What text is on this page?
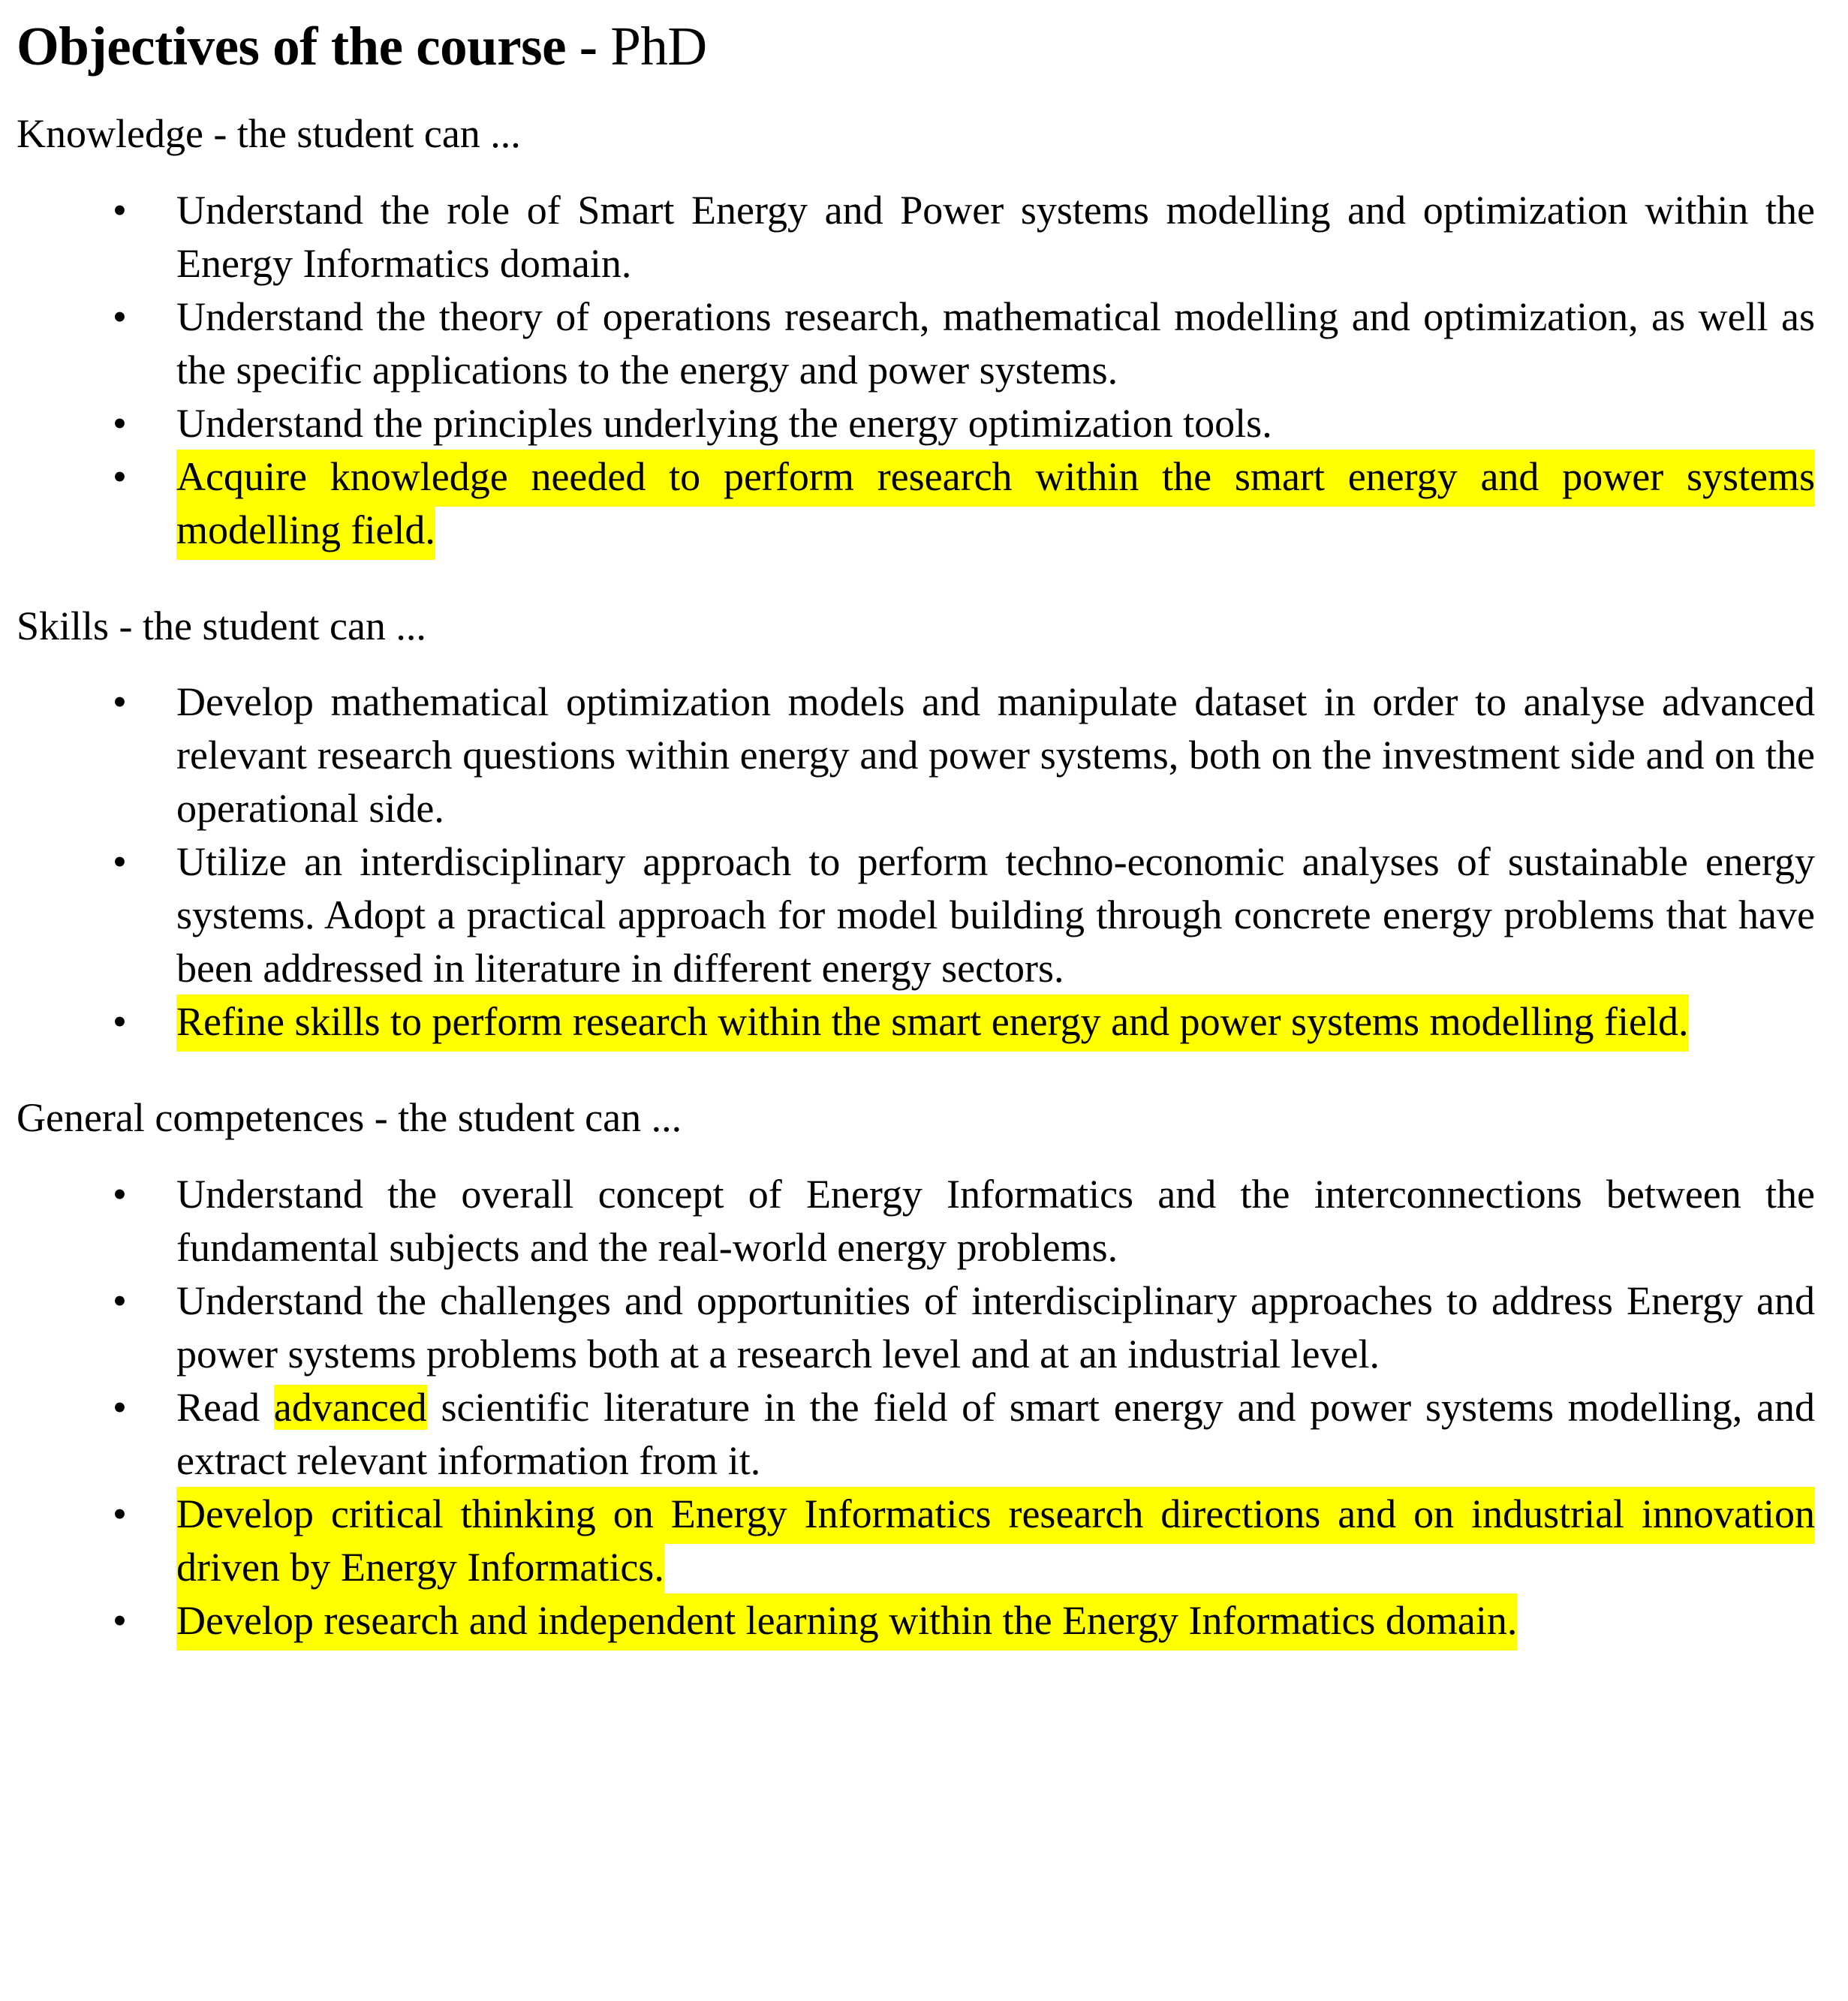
Objectives of the course - PhD

Knowledge - the student can ...

•	Understand the role of Smart Energy and Power systems modelling and optimization within the Energy Informatics domain.
•	Understand the theory of operations research, mathematical modelling and optimization, as well as the specific applications to the energy and power systems.
•	Understand the principles underlying the energy optimization tools.
•	Acquire knowledge needed to perform research within the smart energy and power systems modelling field.

Skills - the student can ...

•	Develop mathematical optimization models and manipulate dataset in order to analyse advanced relevant research questions within energy and power systems, both on the investment side and on the operational side.
•	Utilize an interdisciplinary approach to perform techno-economic analyses of sustainable energy systems. Adopt a practical approach for model building through concrete energy problems that have been addressed in literature in different energy sectors.
•	Refine skills to perform research within the smart energy and power systems modelling field.

General competences - the student can ...

•	Understand the overall concept of Energy Informatics and the interconnections between the fundamental subjects and the real-world energy problems.
•	Understand the challenges and opportunities of interdisciplinary approaches to address Energy and power systems problems both at a research level and at an industrial level.
•	Read advanced scientific literature in the field of smart energy and power systems modelling, and extract relevant information from it.
•	Develop critical thinking on Energy Informatics research directions and on industrial innovation driven by Energy Informatics.
•	Develop research and independent learning within the Energy Informatics domain.
